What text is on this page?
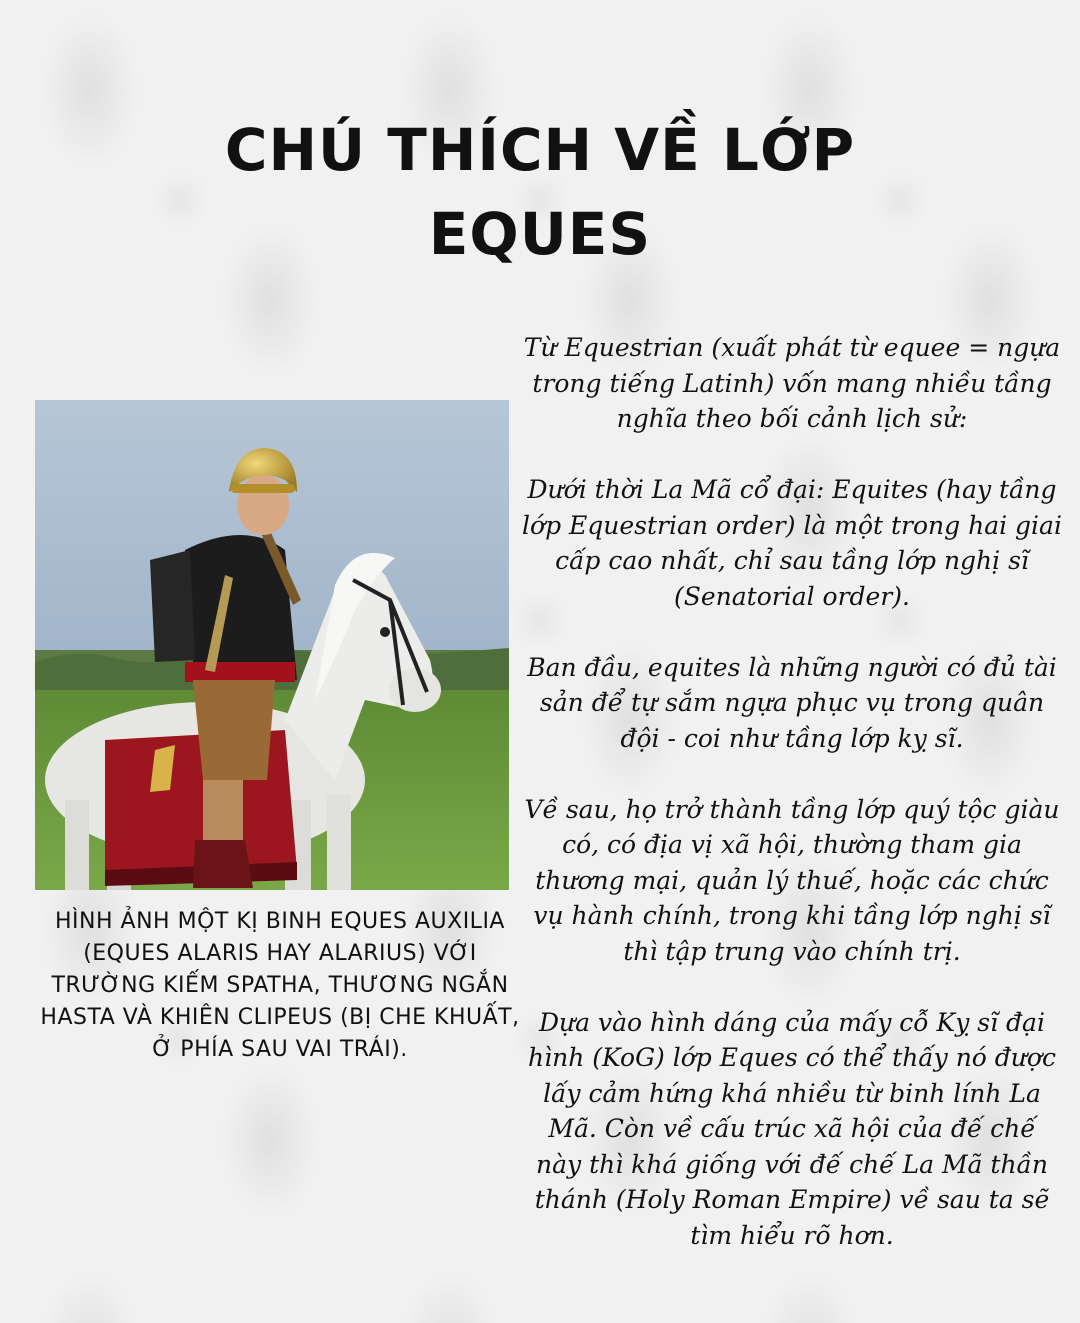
CHÚ THÍCH VỀ LỚP EQUES

HÌNH ẢNH MỘT KỊ BINH EQUES AUXILIA (EQUES ALARIS HAY ALARIUS) VỚI TRƯỜNG KIẾM SPATHA, THƯƠNG NGẮN HASTA VÀ KHIÊN CLIPEUS (BỊ CHE KHUẤT, Ở PHÍA SAU VAI TRÁI).

Từ Equestrian (xuất phát từ equee = ngựa trong tiếng Latinh) vốn mang nhiều tầng nghĩa theo bối cảnh lịch sử:

Dưới thời La Mã cổ đại: Equites (hay tầng lớp Equestrian order) là một trong hai giai cấp cao nhất, chỉ sau tầng lớp nghị sĩ (Senatorial order).

Ban đầu, equites là những người có đủ tài sản để tự sắm ngựa phục vụ trong quân đội - coi như tầng lớp kỵ sĩ.

Về sau, họ trở thành tầng lớp quý tộc giàu có, có địa vị xã hội, thường tham gia thương mại, quản lý thuế, hoặc các chức vụ hành chính, trong khi tầng lớp nghị sĩ thì tập trung vào chính trị.

Dựa vào hình dáng của mấy cỗ Kỵ sĩ đại hình (KoG) lớp Eques có thể thấy nó được lấy cảm hứng khá nhiều từ binh lính La Mã. Còn về cấu trúc xã hội của đế chế này thì khá giống với đế chế La Mã thần thánh (Holy Roman Empire) về sau ta sẽ tìm hiểu rõ hơn.
